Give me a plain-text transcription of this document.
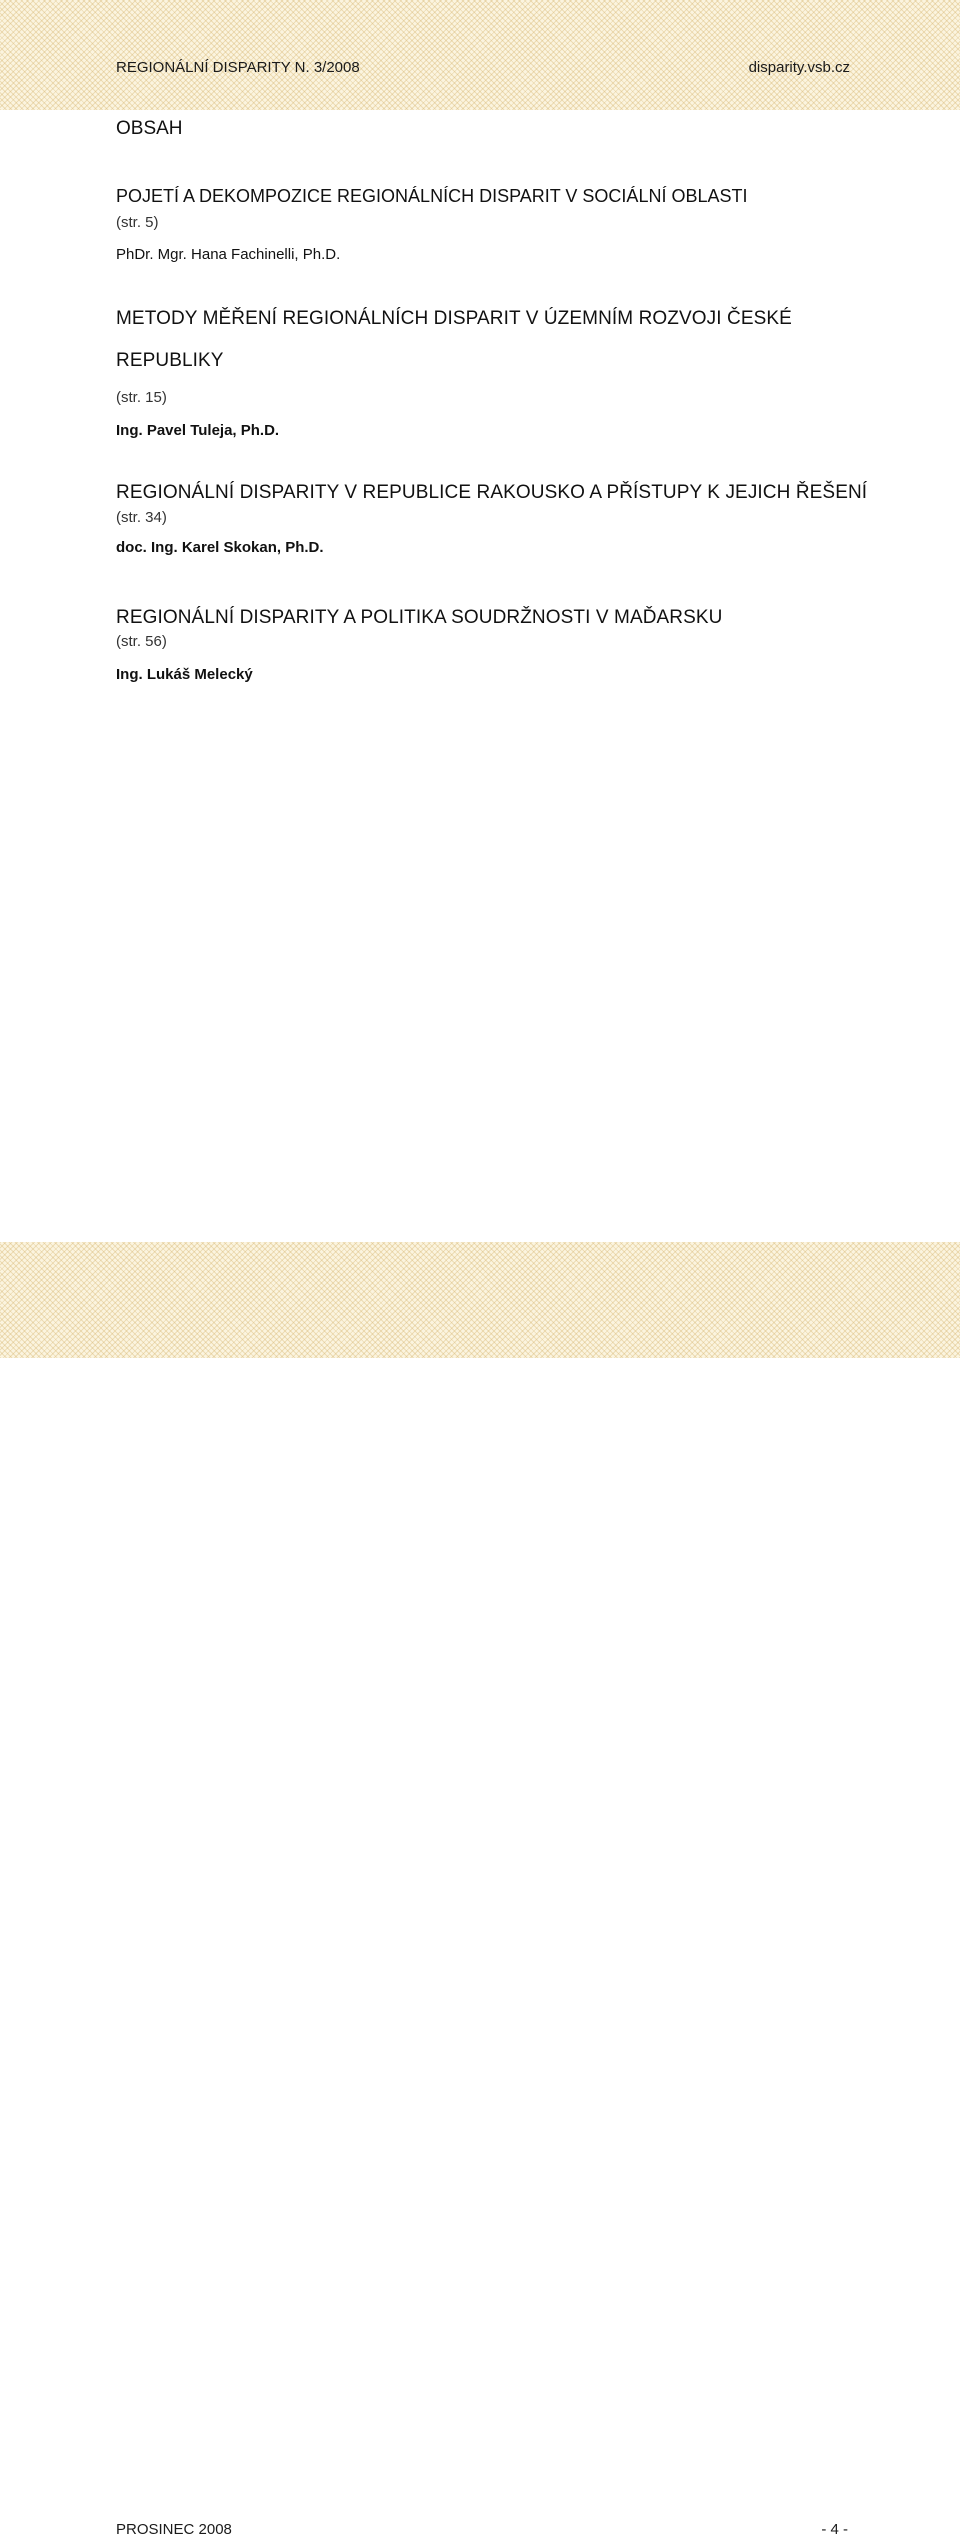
REGIONÁLNÍ DISPARITY N. 3/2008	disparity.vsb.cz
OBSAH
POJETÍ A DEKOMPOZICE REGIONÁLNÍCH DISPARIT V SOCIÁLNÍ OBLASTI
(str. 5)
PhDr. Mgr. Hana Fachinelli, Ph.D.
METODY MĚŘENÍ REGIONÁLNÍCH DISPARIT V ÚZEMNÍM ROZVOJI ČESKÉ
REPUBLIKY
(str. 15)
Ing. Pavel Tuleja, Ph.D.
REGIONÁLNÍ DISPARITY V REPUBLICE RAKOUSKO A PŘÍSTUPY K JEJICH ŘEŠENÍ
(str. 34)
doc. Ing. Karel Skokan, Ph.D.
REGIONÁLNÍ DISPARITY A POLITIKA SOUDRŽNOSTI V MAĎARSKU
(str. 56)
Ing. Lukáš Melecký
PROSINEC 2008	- 4 -
